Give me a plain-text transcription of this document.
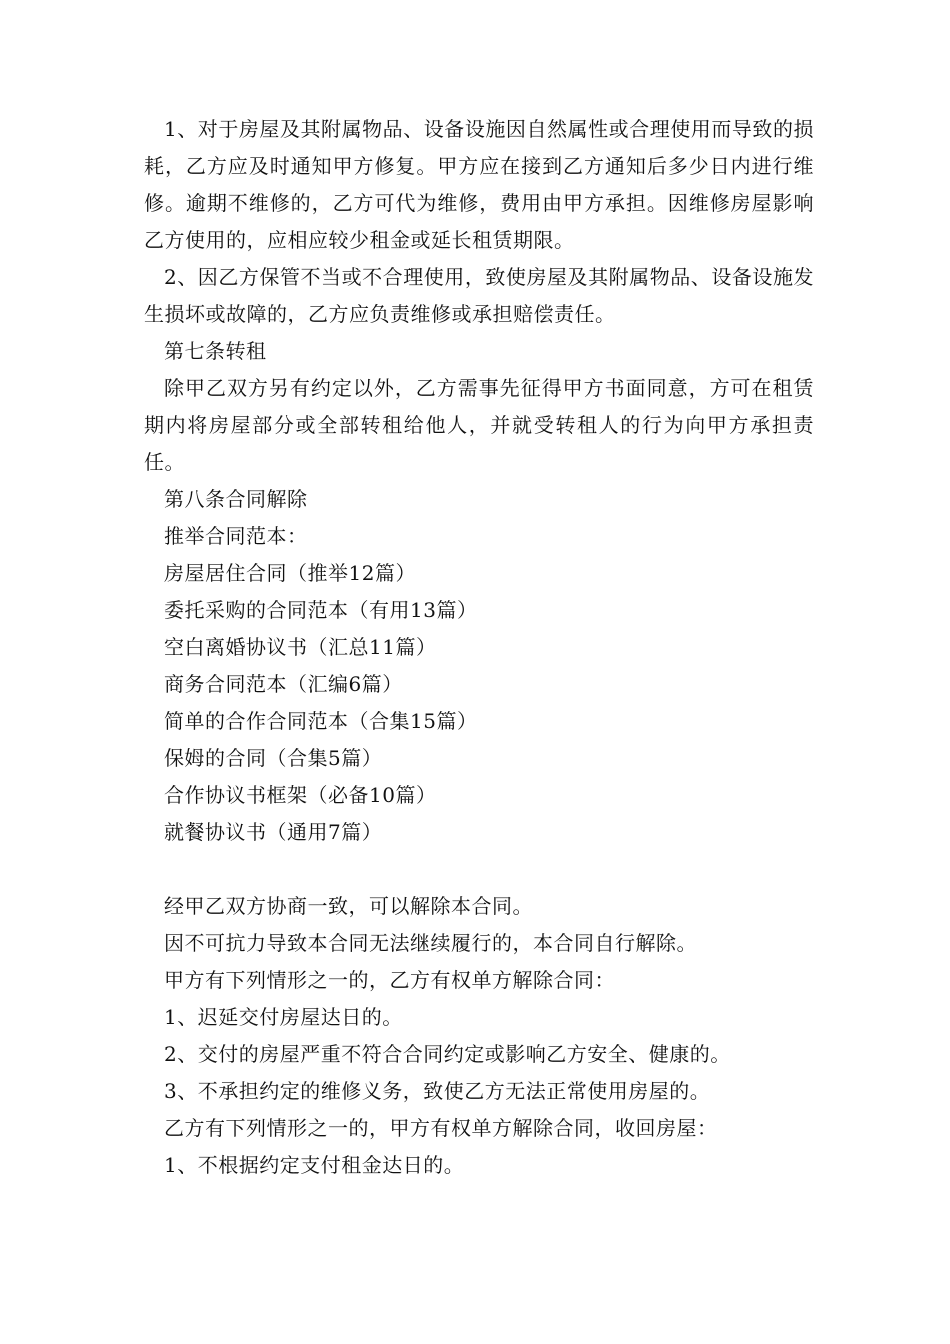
1、对于房屋及其附属物品、设备设施因自然属性或合理使用而导致的损耗，乙方应及时通知甲方修复。甲方应在接到乙方通知后多少日内进行维修。逾期不维修的，乙方可代为维修，费用由甲方承担。因维修房屋影响乙方使用的，应相应较少租金或延长租赁期限。

2、因乙方保管不当或不合理使用，致使房屋及其附属物品、设备设施发生损坏或故障的，乙方应负责维修或承担赔偿责任。

第七条转租

除甲乙双方另有约定以外，乙方需事先征得甲方书面同意，方可在租赁期内将房屋部分或全部转租给他人，并就受转租人的行为向甲方承担责任。

第八条合同解除

推举合同范本：

房屋居住合同（推举12篇）

委托采购的合同范本（有用13篇）

空白离婚协议书（汇总11篇）

商务合同范本（汇编6篇）

简单的合作合同范本（合集15篇）

保姆的合同（合集5篇）

合作协议书框架（必备10篇）

就餐协议书（通用7篇）

经甲乙双方协商一致，可以解除本合同。

因不可抗力导致本合同无法继续履行的，本合同自行解除。

甲方有下列情形之一的，乙方有权单方解除合同：

1、迟延交付房屋达日的。

2、交付的房屋严重不符合合同约定或影响乙方安全、健康的。

3、不承担约定的维修义务，致使乙方无法正常使用房屋的。

乙方有下列情形之一的，甲方有权单方解除合同，收回房屋：

1、不根据约定支付租金达日的。
